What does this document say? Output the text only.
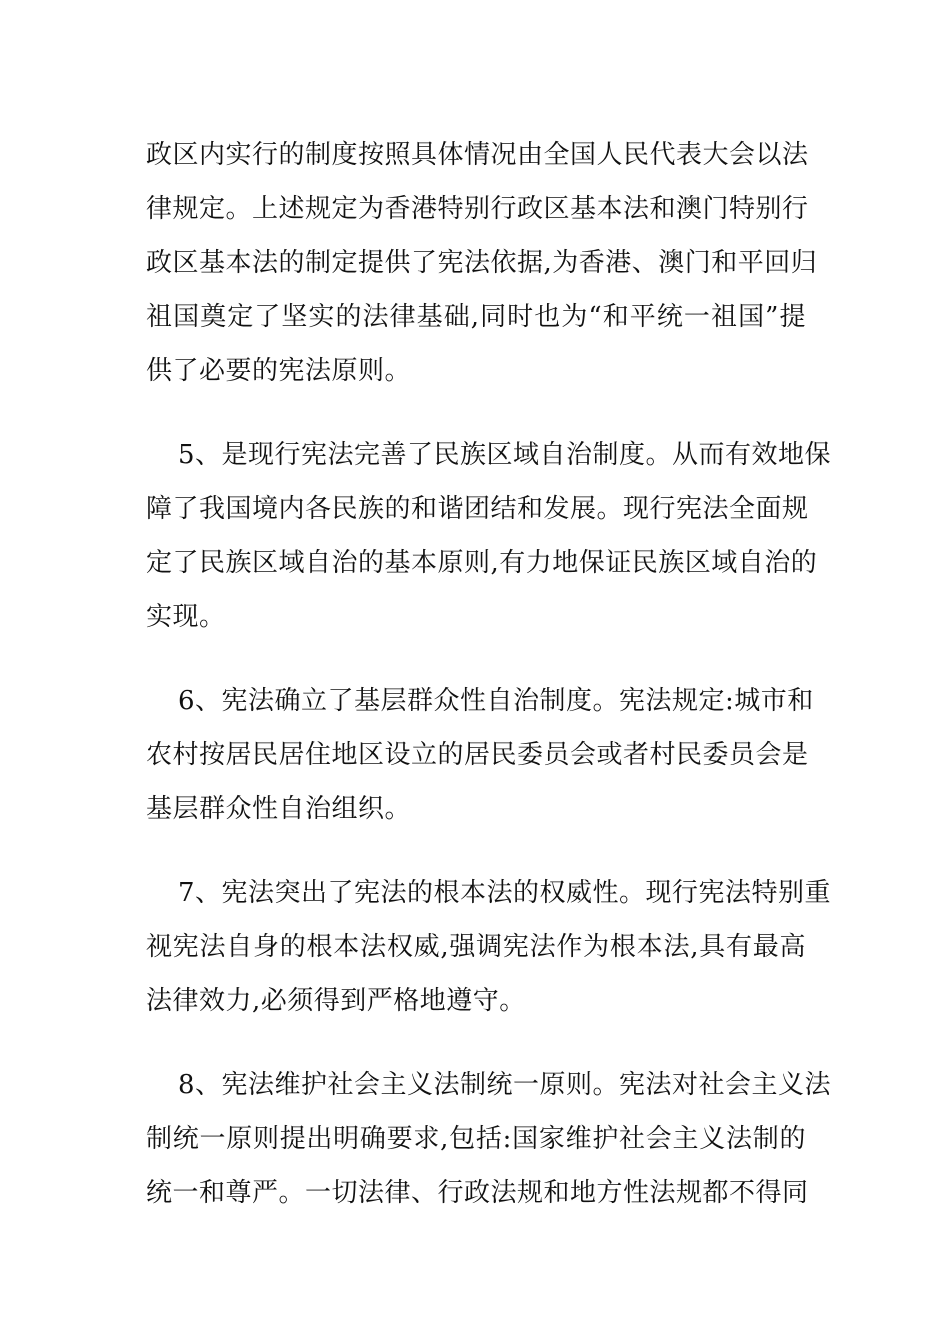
政区内实行的制度按照具体情况由全国人民代表大会以法
律规定。上述规定为香港特别行政区基本法和澳门特别行
政区基本法的制定提供了宪法依据,为香港、澳门和平回归
祖国奠定了坚实的法律基础,同时也为“和平统一祖国”提
供了必要的宪法原则。

5、是现行宪法完善了民族区域自治制度。从而有效地保
障了我国境内各民族的和谐团结和发展。现行宪法全面规
定了民族区域自治的基本原则,有力地保证民族区域自治的
实现。

6、宪法确立了基层群众性自治制度。宪法规定:城市和
农村按居民居住地区设立的居民委员会或者村民委员会是
基层群众性自治组织。

7、宪法突出了宪法的根本法的权威性。现行宪法特别重
视宪法自身的根本法权威,强调宪法作为根本法,具有最高
法律效力,必须得到严格地遵守。

8、宪法维护社会主义法制统一原则。宪法对社会主义法
制统一原则提出明确要求,包括:国家维护社会主义法制的
统一和尊严。一切法律、行政法规和地方性法规都不得同
